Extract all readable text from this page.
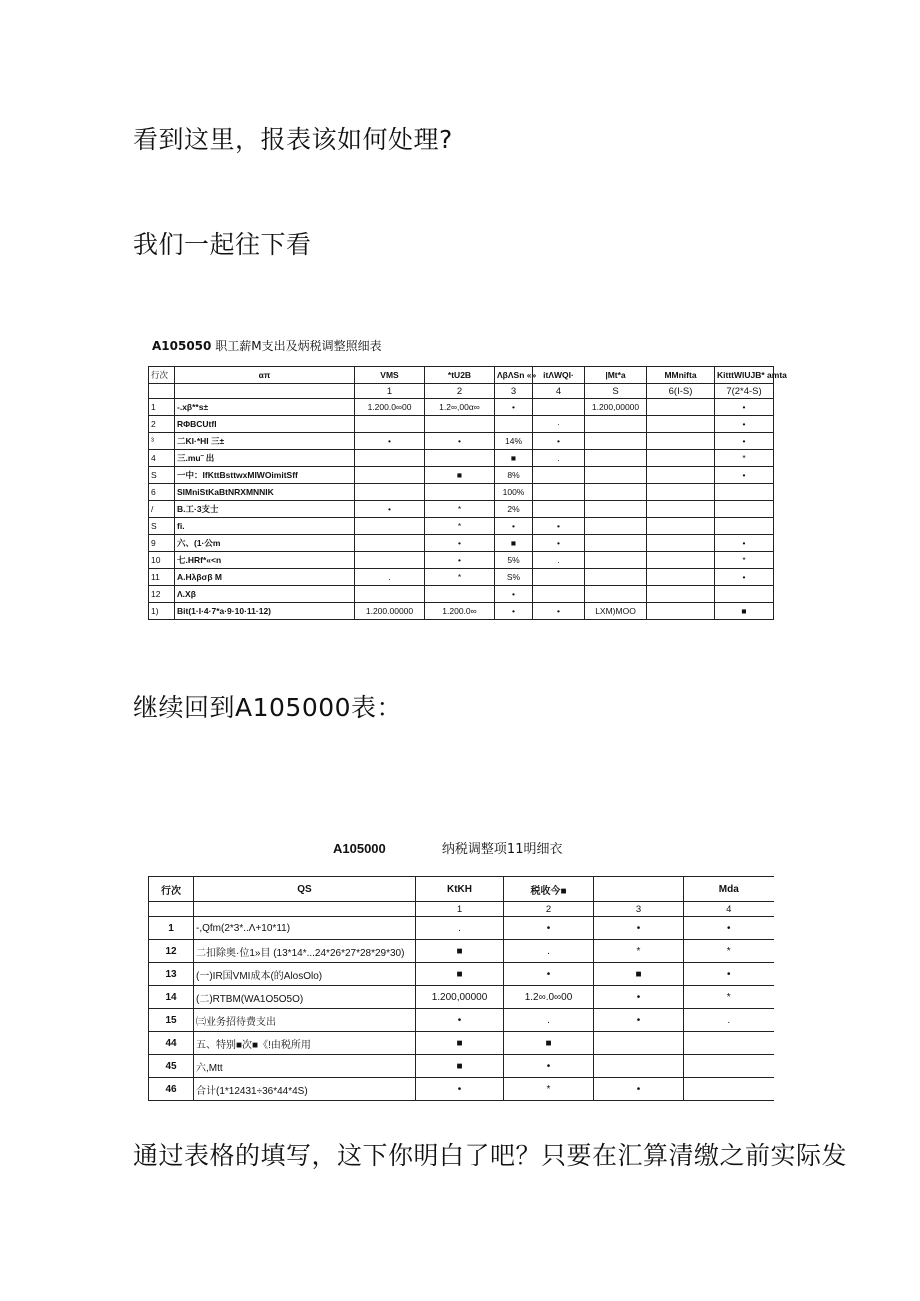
看到这里，报表该如何处理?
我们一起往下看
A105050 职工薪M支出及炳税调整照细表
行次	απ	VMS	*tU2B	ΛβΛSn «»	itΛWQI·	|Mt*a	MMnifta	KitttWlUJB* amta
		1	2	3	4	S	6(I-S)	7(2*4-S)
1	-.xβ**s±	1.200.0∞00	1.2∞,00α∞	•		1.200,00000		•
2	RΦBCUtfl				·			•
³	二KI·*HI 三±	•	•	14%	•			•
4	三.mu˜ 出			■	.			*
S	一中：IfKttBsttwxMIWOimitSff		■	8%				•
6	SIMniStKaBtNRXMNNIK			100%				
/	B.工·3支士	•	*	2%				
S	fi.		*	•	•			
9	六、(1·公m		•	■	•			•
10	七.HRf*«<n		•	5%	.			*
11	A.Hλβσβ M	.	*	S%				•
12	Λ.Xβ			•				
1)	Bit(1·I·4·7*a·9·10·11·12)	1.200.00000	1.200.0∞	•	•	LXM)MOO		■
继续回到A105000表：
A105000	纳税调整项11明细衣
行次	QS	KtKH	税收今■		Mda
		1	2	3	4
1	-,Qfm(2*3*..Λ+10*11)	.	•	•	•
12	二扣除奥·位1»目 (13*14*...24*26*27*28*29*30)	■	.	*	*
13	(一)IR国VMI成本(的AlosOlo)	■	•	■	•
14	(二)RTBM(WA1O5O5O)	1.200,00000	1.2∞.0∞00	•	*
15	㈢业务招待费支出	•	.	•	.
44	五、特别■次■《!由税所用	■	■		
45	六,Mtt	■	•		
46	合计(1*12431÷36*44*4S)	•	*	•	
通过表格的填写，这下你明白了吧？只要在汇算清缴之前实际发
